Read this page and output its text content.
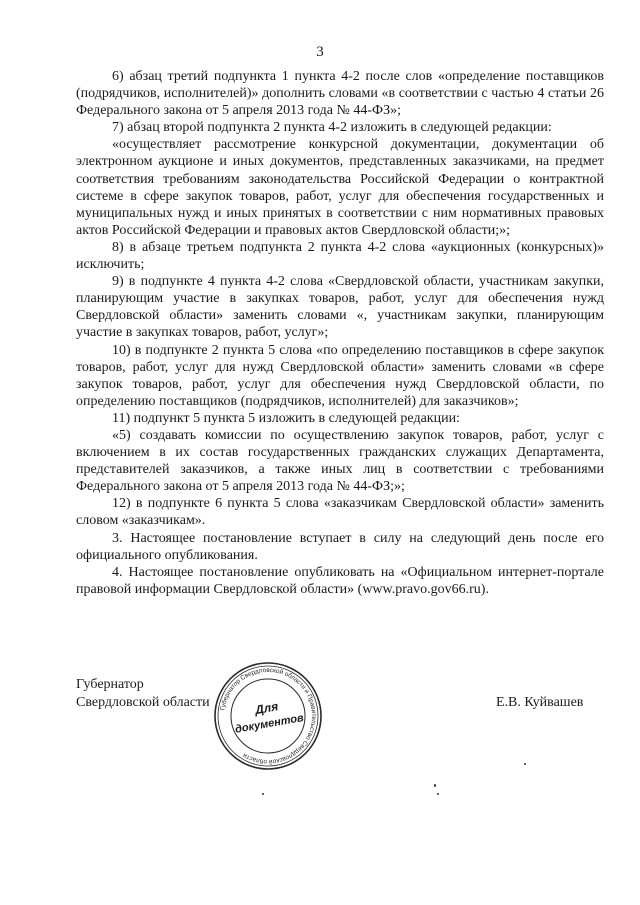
3

6) абзац третий подпункта 1 пункта 4-2 после слов «определение поставщиков (подрядчиков, исполнителей)» дополнить словами «в соответствии с частью 4 статьи 26 Федерального закона от 5 апреля 2013 года № 44-ФЗ»;

7) абзац второй подпункта 2 пункта 4-2 изложить в следующей редакции:

«осуществляет рассмотрение конкурсной документации, документации об электронном аукционе и иных документов, представленных заказчиками, на предмет соответствия требованиям законодательства Российской Федерации о контрактной системе в сфере закупок товаров, работ, услуг для обеспечения государственных и муниципальных нужд и иных принятых в соответствии с ним нормативных правовых актов Российской Федерации и правовых актов Свердловской области;»;

8) в абзаце третьем подпункта 2 пункта 4-2 слова «аукционных (конкурсных)» исключить;

9) в подпункте 4 пункта 4-2 слова «Свердловской области, участникам закупки, планирующим участие в закупках товаров, работ, услуг для обеспечения нужд Свердловской области» заменить словами «, участникам закупки, планирующим участие в закупках товаров, работ, услуг»;

10) в подпункте 2 пункта 5 слова «по определению поставщиков в сфере закупок товаров, работ, услуг для нужд Свердловской области» заменить словами «в сфере закупок товаров, работ, услуг для обеспечения нужд Свердловской области, по определению поставщиков (подрядчиков, исполнителей) для заказчиков»;

11) подпункт 5 пункта 5 изложить в следующей редакции:

«5) создавать комиссии по осуществлению закупок товаров, работ, услуг с включением в их состав государственных гражданских служащих Департамента, представителей заказчиков, а также иных лиц в соответствии с требованиями Федерального закона от 5 апреля 2013 года № 44-ФЗ;»;

12) в подпункте 6 пункта 5 слова «заказчикам Свердловской области» заменить словом «заказчикам».

3. Настоящее постановление вступает в силу на следующий день после его официального опубликования.

4. Настоящее постановление опубликовать на «Официальном интернет-портале правовой информации Свердловской области» (www.pravo.gov66.ru).

Губернатор
Свердловской области	Е.В. Куйвашев
Губернатор Свердловской области и Правительство Свердловской области
Для
документов
